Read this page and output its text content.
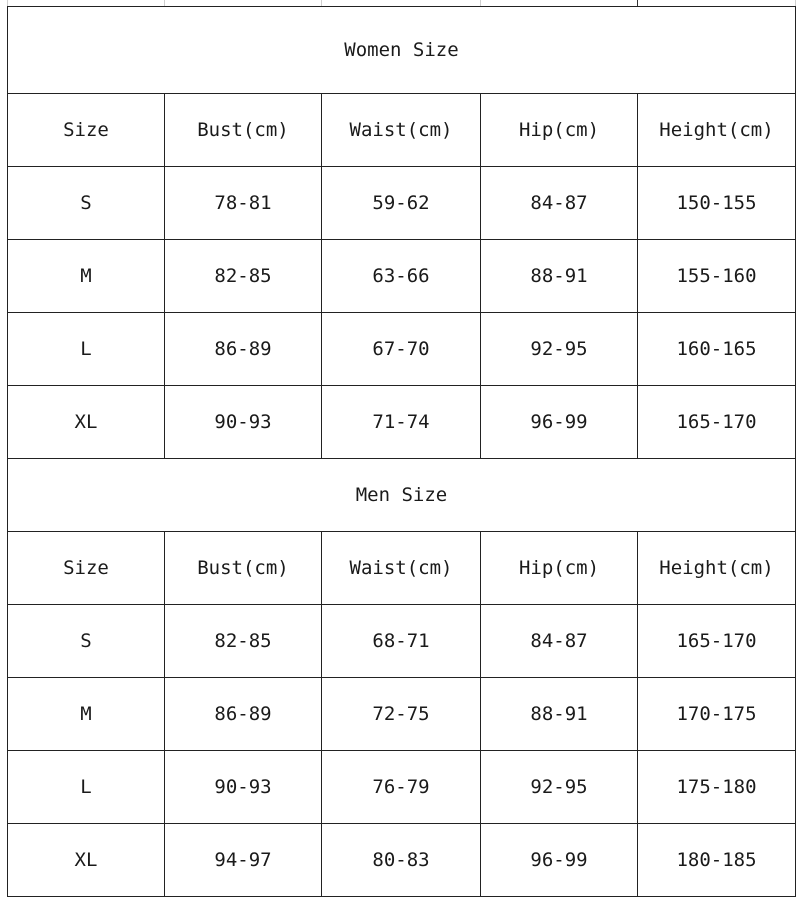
Women Size				
Size	Bust(cm)	Waist(cm)	Hip(cm)	Height(cm)
S	78-81	59-62	84-87	150-155
M	82-85	63-66	88-91	155-160
L	86-89	67-70	92-95	160-165
XL	90-93	71-74	96-99	165-170
Men Size				
Size	Bust(cm)	Waist(cm)	Hip(cm)	Height(cm)
S	82-85	68-71	84-87	165-170
M	86-89	72-75	88-91	170-175
L	90-93	76-79	92-95	175-180
XL	94-97	80-83	96-99	180-185
